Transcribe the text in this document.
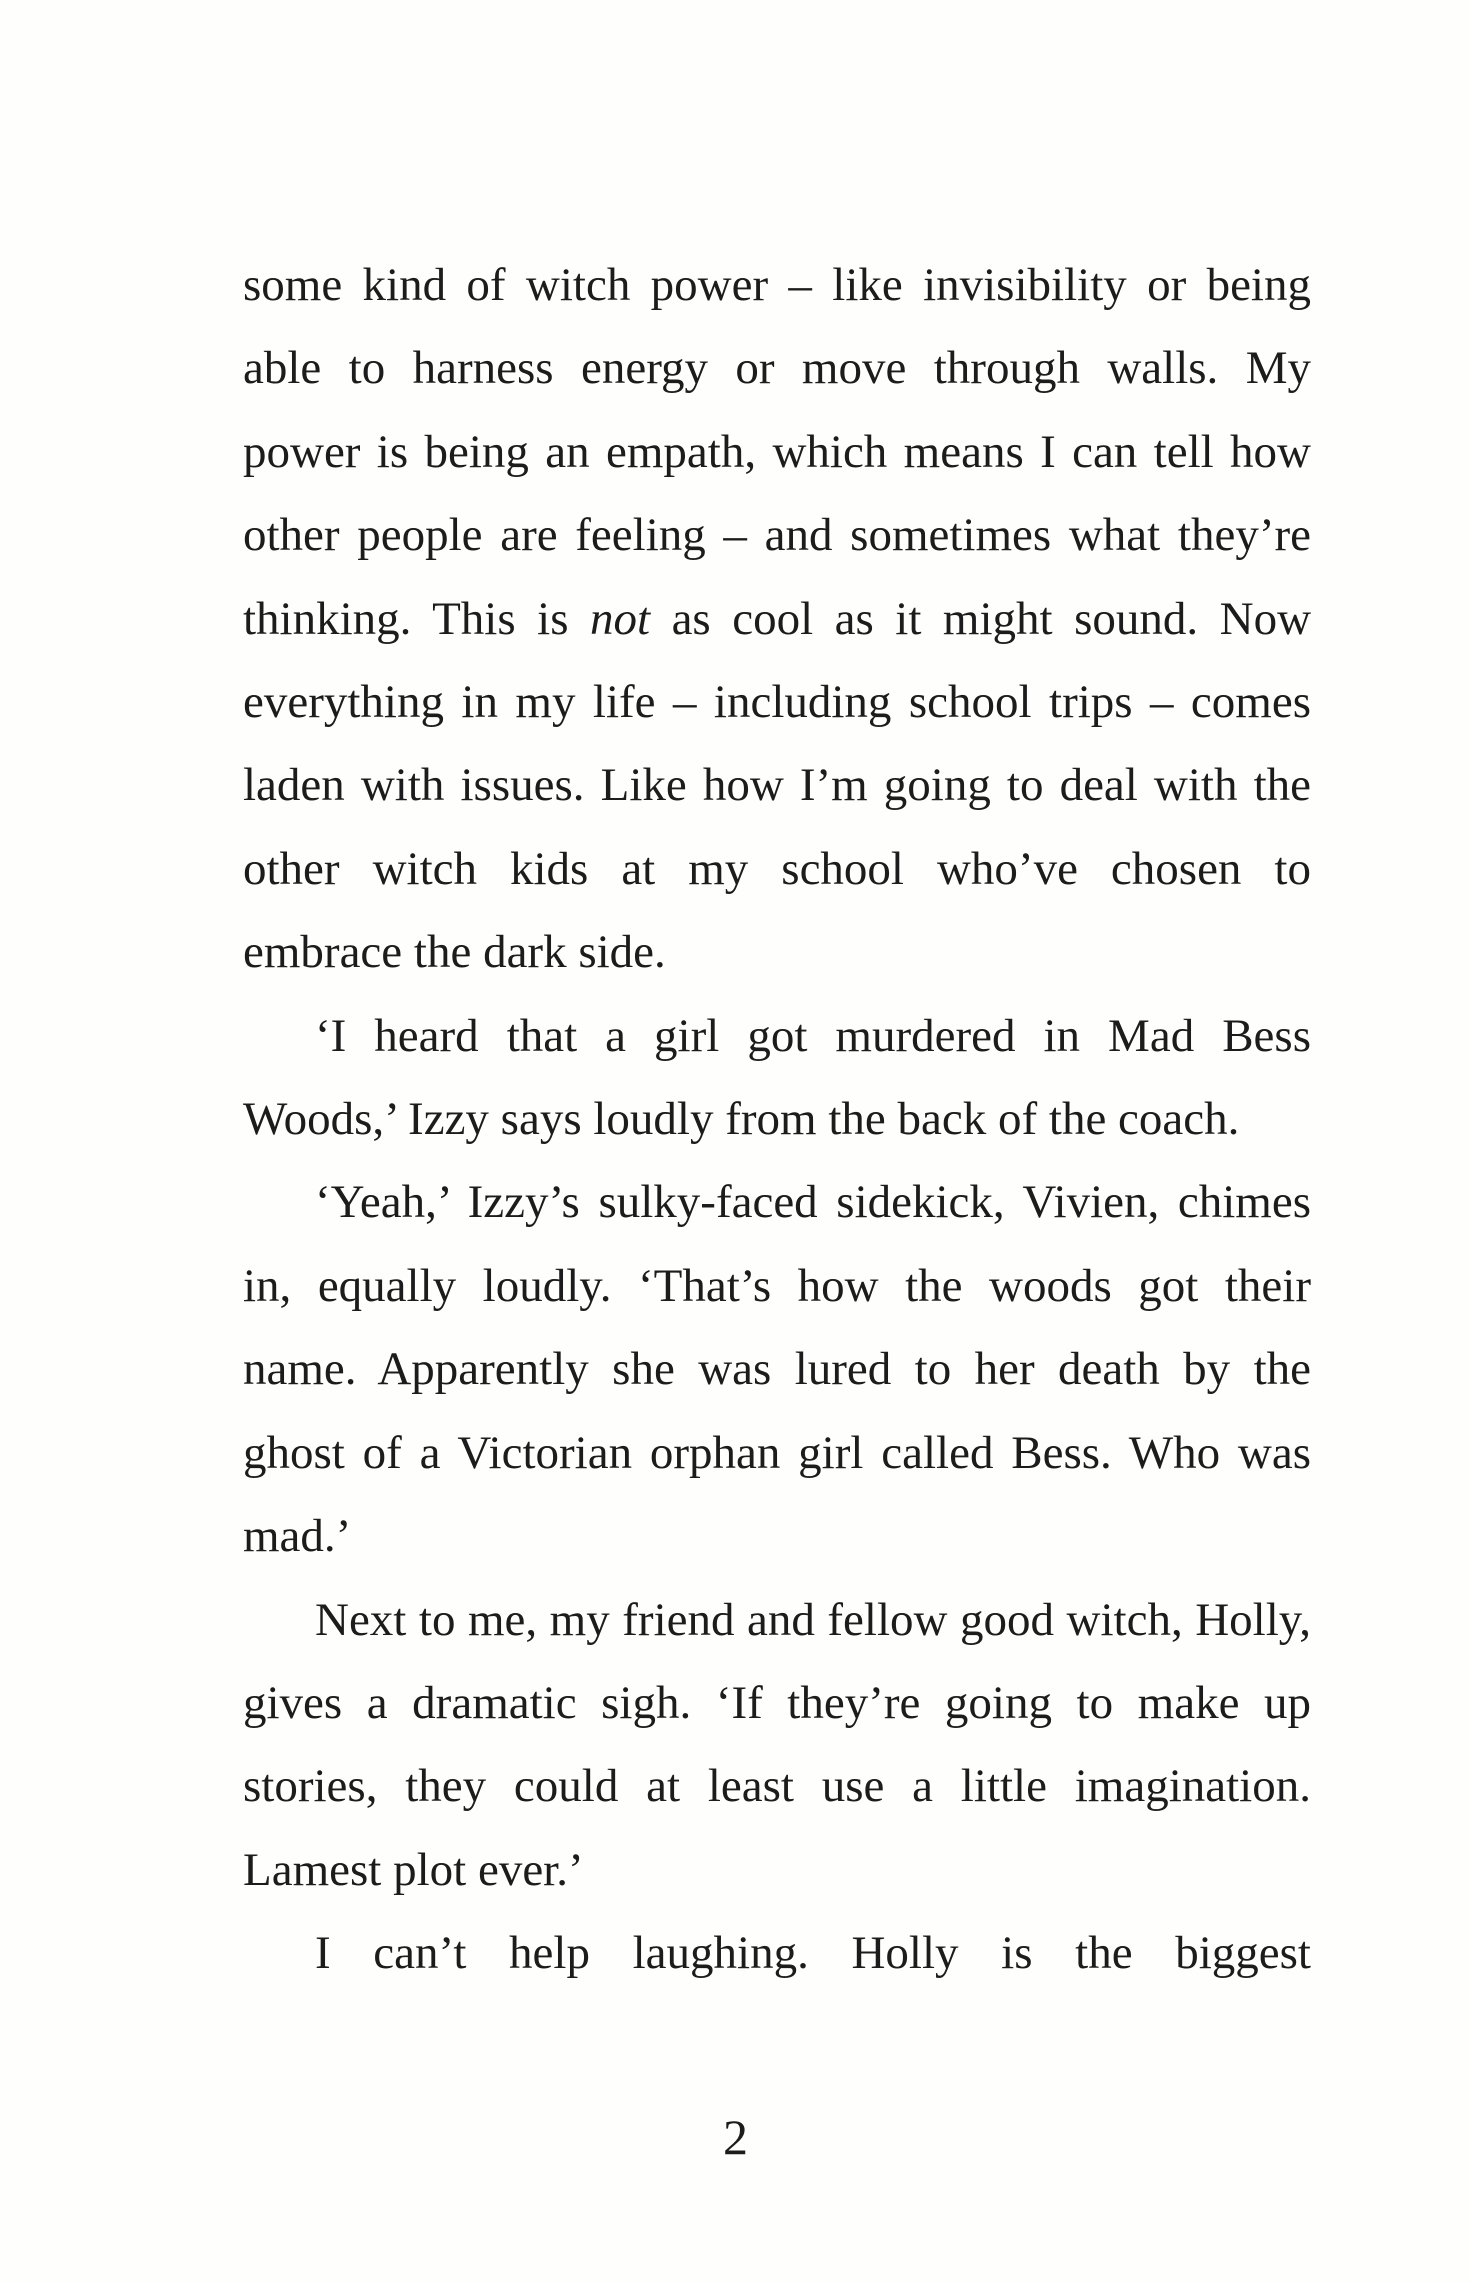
some kind of witch power – like invisibility or being able to harness energy or move through walls. My power is being an empath, which means I can tell how other people are feeling – and sometimes what they’re thinking. This is not as cool as it might sound. Now everything in my life – including school trips – comes laden with issues. Like how I’m going to deal with the other witch kids at my school who’ve chosen to embrace the dark side.

‘I heard that a girl got murdered in Mad Bess Woods,’ Izzy says loudly from the back of the coach.

‘Yeah,’ Izzy’s sulky-faced sidekick, Vivien, chimes in, equally loudly. ‘That’s how the woods got their name. Apparently she was lured to her death by the ghost of a Victorian orphan girl called Bess. Who was mad.’

Next to me, my friend and fellow good witch, Holly, gives a dramatic sigh. ‘If they’re going to make up stories, they could at least use a little imagination. Lamest plot ever.’

I can’t help laughing. Holly is the biggest

2
